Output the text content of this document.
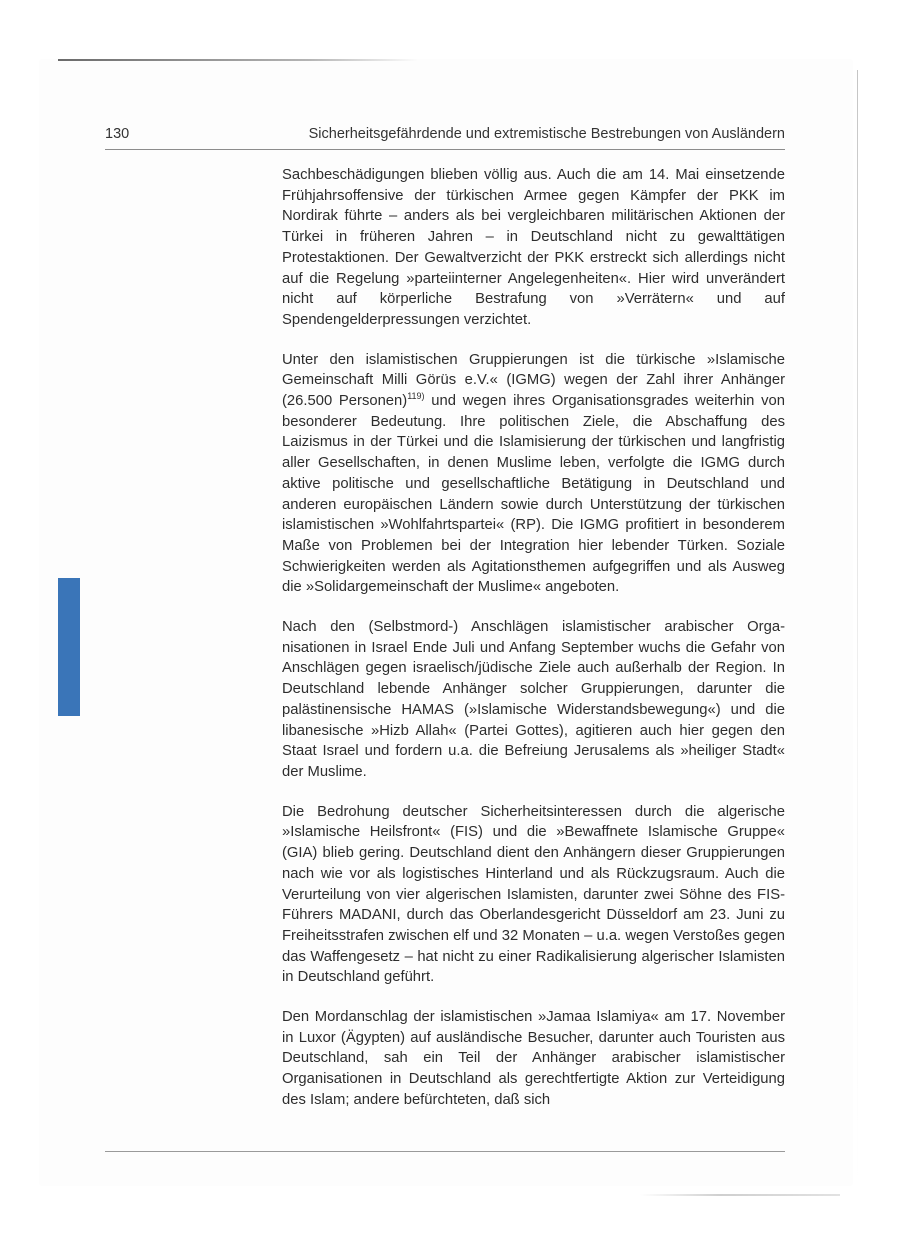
130	Sicherheitsgefährdende und extremistische Bestrebungen von Ausländern

Sachbeschädigungen blieben völlig aus. Auch die am 14. Mai einsetzende Frühjahrsoffensive der türkischen Armee gegen Kämpfer der PKK im Nordirak führte – anders als bei vergleichbaren militärischen Aktionen der Türkei in früheren Jahren – in Deutschland nicht zu gewalttätigen Protestaktionen. Der Gewaltverzicht der PKK erstreckt sich allerdings nicht auf die Regelung »parteiinterner Angelegenheiten«. Hier wird unverändert nicht auf körperliche Bestrafung von »Verrätern« und auf Spendengelderpressungen verzichtet.

Unter den islamistischen Gruppierungen ist die türkische »Islamische Gemeinschaft Milli Görüs e.V.« (IGMG) wegen der Zahl ihrer Anhänger (26.500 Personen)$^{119)}$ und wegen ihres Organisationsgrades weiterhin von besonderer Bedeutung. Ihre politischen Ziele, die Abschaffung des Laizismus in der Türkei und die Islamisierung der türkischen und langfristig aller Gesellschaften, in denen Muslime leben, verfolgte die IGMG durch aktive politische und gesellschaftliche Betätigung in Deutschland und anderen europäischen Ländern sowie durch Unterstützung der türkischen islamistischen »Wohlfahrtspartei« (RP). Die IGMG profitiert in besonderem Maße von Problemen bei der Integration hier lebender Türken. Soziale Schwierigkeiten werden als Agitationsthemen aufgegriffen und als Ausweg die »Solidargemeinschaft der Muslime« angeboten.

Nach den (Selbstmord-) Anschlägen islamistischer arabischer Organisationen in Israel Ende Juli und Anfang September wuchs die Gefahr von Anschlägen gegen israelisch/jüdische Ziele auch außerhalb der Region. In Deutschland lebende Anhänger solcher Gruppierungen, darunter die palästinensische HAMAS (»Islamische Widerstandsbewegung«) und die libanesische »Hizb Allah« (Partei Gottes), agitieren auch hier gegen den Staat Israel und fordern u.a. die Befreiung Jerusalems als »heiliger Stadt« der Muslime.

Die Bedrohung deutscher Sicherheitsinteressen durch die algerische »Islamische Heilsfront« (FIS) und die »Bewaffnete Islamische Gruppe« (GIA) blieb gering. Deutschland dient den Anhängern dieser Gruppierungen nach wie vor als logistisches Hinterland und als Rückzugsraum. Auch die Verurteilung von vier algerischen Islamisten, darunter zwei Söhne des FIS-Führers MADANI, durch das Oberlandesgericht Düsseldorf am 23. Juni zu Freiheitsstrafen zwischen elf und 32 Monaten – u.a. wegen Verstoßes gegen das Waffengesetz – hat nicht zu einer Radikalisierung algerischer Islamisten in Deutschland geführt.

Den Mordanschlag der islamistischen »Jamaa Islamiya« am 17. November in Luxor (Ägypten) auf ausländische Besucher, darunter auch Touristen aus Deutschland, sah ein Teil der Anhänger arabischer islamistischer Organisationen in Deutschland als gerechtfertigte Aktion zur Verteidigung des Islam; andere befürchteten, daß sich
